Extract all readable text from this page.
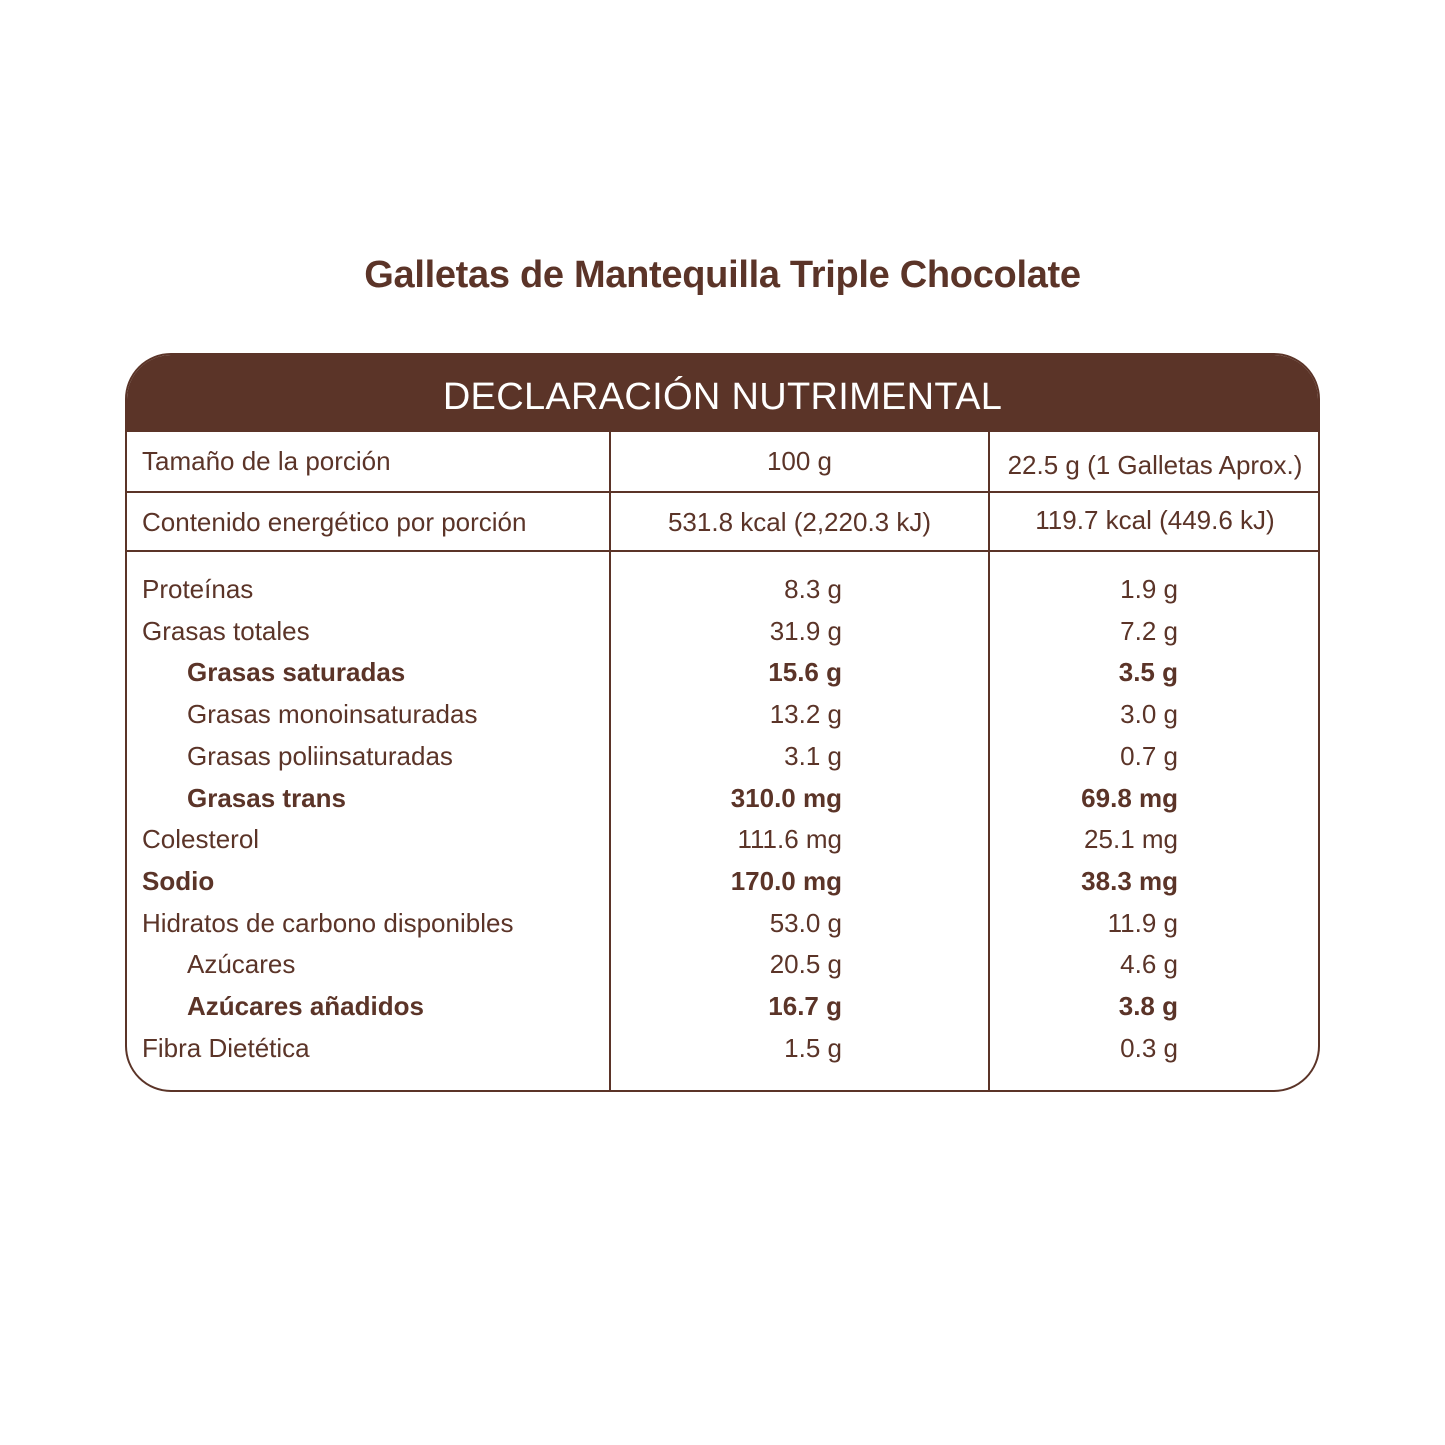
Galletas de Mantequilla Triple Chocolate
DECLARACIÓN NUTRIMENTAL
Tamaño de la porción	100 g	22.5 g (1 Galletas Aprox.)
Contenido energético por porción	531.8 kcal (2,220.3 kJ)	119.7 kcal (449.6 kJ)
Proteínas	8.3 g	1.9 g
Grasas totales	31.9 g	7.2 g
Grasas saturadas	15.6 g	3.5 g
Grasas monoinsaturadas	13.2 g	3.0 g
Grasas poliinsaturadas	3.1 g	0.7 g
Grasas trans	310.0 mg	69.8 mg
Colesterol	111.6 mg	25.1 mg
Sodio	170.0 mg	38.3 mg
Hidratos de carbono disponibles	53.0 g	11.9 g
Azúcares	20.5 g	4.6 g
Azúcares añadidos	16.7 g	3.8 g
Fibra Dietética	1.5 g	0.3 g
